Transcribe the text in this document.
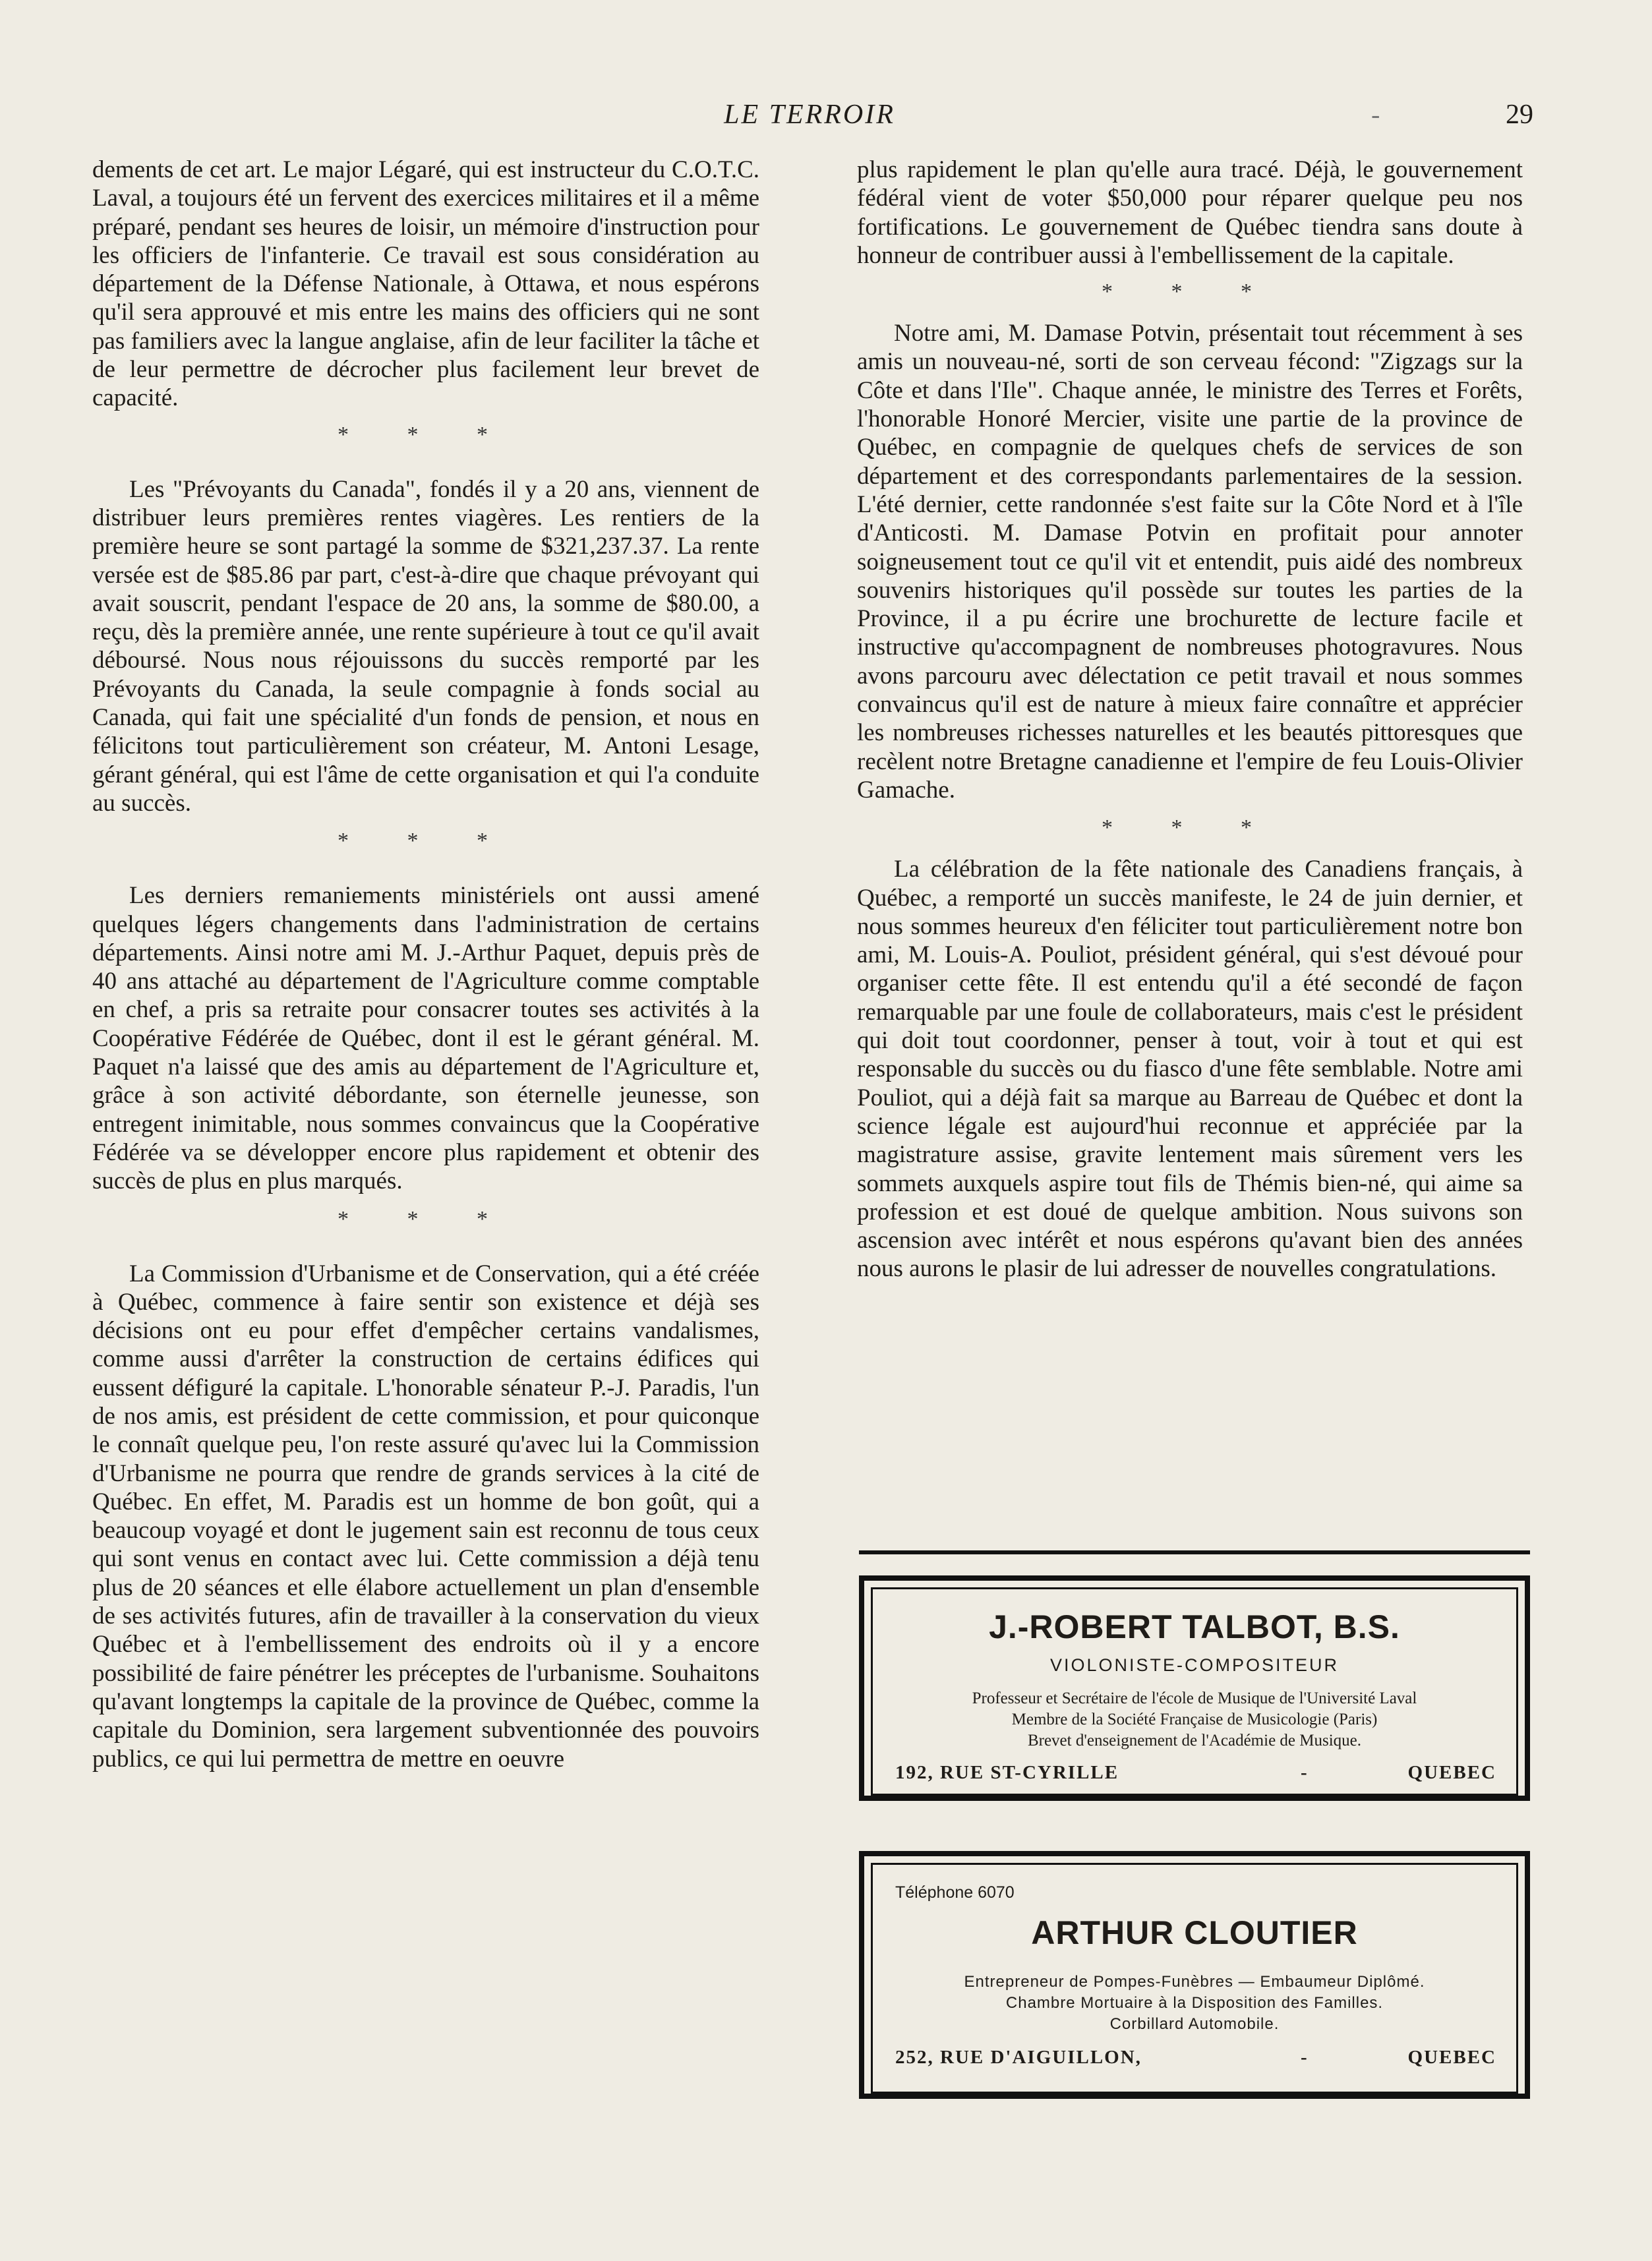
LE TERROIR	-	29

dements de cet art. Le major Légaré, qui est instructeur du C.O.T.C. Laval, a toujours été un fervent des exercices militaires et il a même préparé, pendant ses heures de loisir, un mémoire d'instruction pour les officiers de l'infanterie. Ce travail est sous considération au département de la Défense Nationale, à Ottawa, et nous espérons qu'il sera approuvé et mis entre les mains des officiers qui ne sont pas familiers avec la langue anglaise, afin de leur faciliter la tâche et de leur permettre de décrocher plus facilement leur brevet de capacité.

* * *

Les "Prévoyants du Canada", fondés il y a 20 ans, viennent de distribuer leurs premières rentes viagères. Les rentiers de la première heure se sont partagé la somme de $321,237.37. La rente versée est de $85.86 par part, c'est-à-dire que chaque prévoyant qui avait souscrit, pendant l'espace de 20 ans, la somme de $80.00, a reçu, dès la première année, une rente supérieure à tout ce qu'il avait déboursé. Nous nous réjouissons du succès remporté par les Prévoyants du Canada, la seule compagnie à fonds social au Canada, qui fait une spécialité d'un fonds de pension, et nous en félicitons tout particulièrement son créateur, M. Antoni Lesage, gérant général, qui est l'âme de cette organisation et qui l'a conduite au succès.

* * *

Les derniers remaniements ministériels ont aussi amené quelques légers changements dans l'administration de certains départements. Ainsi notre ami M. J.-Arthur Paquet, depuis près de 40 ans attaché au département de l'Agriculture comme comptable en chef, a pris sa retraite pour consacrer toutes ses activités à la Coopérative Fédérée de Québec, dont il est le gérant général. M. Paquet n'a laissé que des amis au département de l'Agriculture et, grâce à son activité débordante, son éternelle jeunesse, son entregent inimitable, nous sommes convaincus que la Coopérative Fédérée va se développer encore plus rapidement et obtenir des succès de plus en plus marqués.

* * *

La Commission d'Urbanisme et de Conservation, qui a été créée à Québec, commence à faire sentir son existence et déjà ses décisions ont eu pour effet d'empêcher certains vandalismes, comme aussi d'arrêter la construction de certains édifices qui eussent défiguré la capitale. L'honorable sénateur P.-J. Paradis, l'un de nos amis, est président de cette commission, et pour quiconque le connaît quelque peu, l'on reste assuré qu'avec lui la Commission d'Urbanisme ne pourra que rendre de grands services à la cité de Québec. En effet, M. Paradis est un homme de bon goût, qui a beaucoup voyagé et dont le jugement sain est reconnu de tous ceux qui sont venus en contact avec lui. Cette commission a déjà tenu plus de 20 séances et elle élabore actuellement un plan d'ensemble de ses activités futures, afin de travailler à la conservation du vieux Québec et à l'embellissement des endroits où il y a encore possibilité de faire pénétrer les préceptes de l'urbanisme. Souhaitons qu'avant longtemps la capitale de la province de Québec, comme la capitale du Dominion, sera largement subventionnée des pouvoirs publics, ce qui lui permettra de mettre en oeuvre

plus rapidement le plan qu'elle aura tracé. Déjà, le gouvernement fédéral vient de voter $50,000 pour réparer quelque peu nos fortifications. Le gouvernement de Québec tiendra sans doute à honneur de contribuer aussi à l'embellissement de la capitale.

* * *

Notre ami, M. Damase Potvin, présentait tout récemment à ses amis un nouveau-né, sorti de son cerveau fécond: "Zigzags sur la Côte et dans l'Ile". Chaque année, le ministre des Terres et Forêts, l'honorable Honoré Mercier, visite une partie de la province de Québec, en compagnie de quelques chefs de services de son département et des correspondants parlementaires de la session. L'été dernier, cette randonnée s'est faite sur la Côte Nord et à l'île d'Anticosti. M. Damase Potvin en profitait pour annoter soigneusement tout ce qu'il vit et entendit, puis aidé des nombreux souvenirs historiques qu'il possède sur toutes les parties de la Province, il a pu écrire une brochurette de lecture facile et instructive qu'accompagnent de nombreuses photogravures. Nous avons parcouru avec délectation ce petit travail et nous sommes convaincus qu'il est de nature à mieux faire connaître et apprécier les nombreuses richesses naturelles et les beautés pittoresques que recèlent notre Bretagne canadienne et l'empire de feu Louis-Olivier Gamache.

* * *

La célébration de la fête nationale des Canadiens français, à Québec, a remporté un succès manifeste, le 24 de juin dernier, et nous sommes heureux d'en féliciter tout particulièrement notre bon ami, M. Louis-A. Pouliot, président général, qui s'est dévoué pour organiser cette fête. Il est entendu qu'il a été secondé de façon remarquable par une foule de collaborateurs, mais c'est le président qui doit tout coordonner, penser à tout, voir à tout et qui est responsable du succès ou du fiasco d'une fête semblable. Notre ami Pouliot, qui a déjà fait sa marque au Barreau de Québec et dont la science légale est aujourd'hui reconnue et appréciée par la magistrature assise, gravite lentement mais sûrement vers les sommets auxquels aspire tout fils de Thémis bien-né, qui aime sa profession et est doué de quelque ambition. Nous suivons son ascension avec intérêt et nous espérons qu'avant bien des années nous aurons le plasir de lui adresser de nouvelles congratulations.

J.-ROBERT TALBOT, B.S.
VIOLONISTE-COMPOSITEUR
Professeur et Secrétaire de l'école de Musique de l'Université Laval
Membre de la Société Française de Musicologie (Paris)
Brevet d'enseignement de l'Académie de Musique.
192, RUE ST-CYRILLE	-	QUEBEC
Téléphone 6070
ARTHUR CLOUTIER
Entrepreneur de Pompes-Funèbres — Embaumeur Diplômé.
Chambre Mortuaire à la Disposition des Familles.
Corbillard Automobile.
252, RUE D'AIGUILLON,	-	QUEBEC
